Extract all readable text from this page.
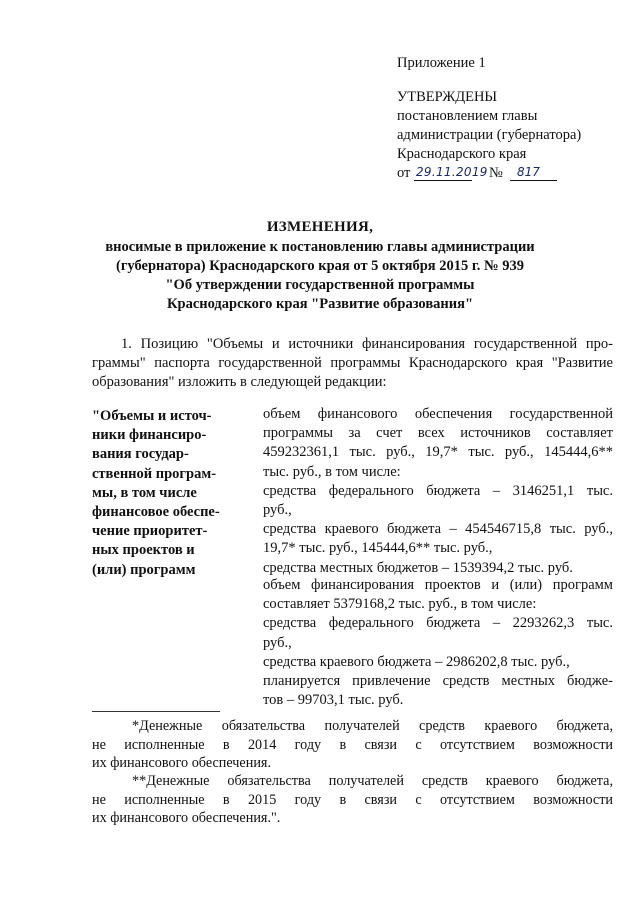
Приложение 1
УТВЕРЖДЕНЫ
постановлением главы
администрации (губернатора)
Краснодарского края
от 29.11.2019 № 817
ИЗМЕНЕНИЯ,
вносимые в приложение к постановлению главы администрации
(губернатора) Краснодарского края от 5 октября 2015 г. № 939
"Об утверждении государственной программы
Краснодарского края "Развитие образования"
1. Позицию "Объемы и источники финансирования государственной про-
граммы" паспорта государственной программы Краснодарского края "Развитие
образования" изложить в следующей редакции:
"Объемы и источ-
ники финансиро-
вания государ-
ственной програм-
мы, в том числе
финансовое обеспе-
чение приоритет-
ных проектов и
(или) программ
объем финансового обеспечения государственной
программы за счет всех источников составляет
459232361,1 тыс. руб., 19,7* тыс. руб., 145444,6**
тыс. руб., в том числе:
средства федерального бюджета – 3146251,1 тыс.
руб.,
средства краевого бюджета – 454546715,8 тыс. руб.,
19,7* тыс. руб., 145444,6** тыс. руб.,
средства местных бюджетов – 1539394,2 тыс. руб.
объем финансирования проектов и (или) программ
составляет 5379168,2 тыс. руб., в том числе:
средства федерального бюджета – 2293262,3 тыс.
руб.,
средства краевого бюджета – 2986202,8 тыс. руб.,
планируется привлечение средств местных бюдже-
тов – 99703,1 тыс. руб.
*Денежные обязательства получателей средств краевого бюджета,
не исполненные в 2014 году в связи с отсутствием возможности
их финансового обеспечения.
**Денежные обязательства получателей средств краевого бюджета,
не исполненные в 2015 году в связи с отсутствием возможности
их финансового обеспечения.".
